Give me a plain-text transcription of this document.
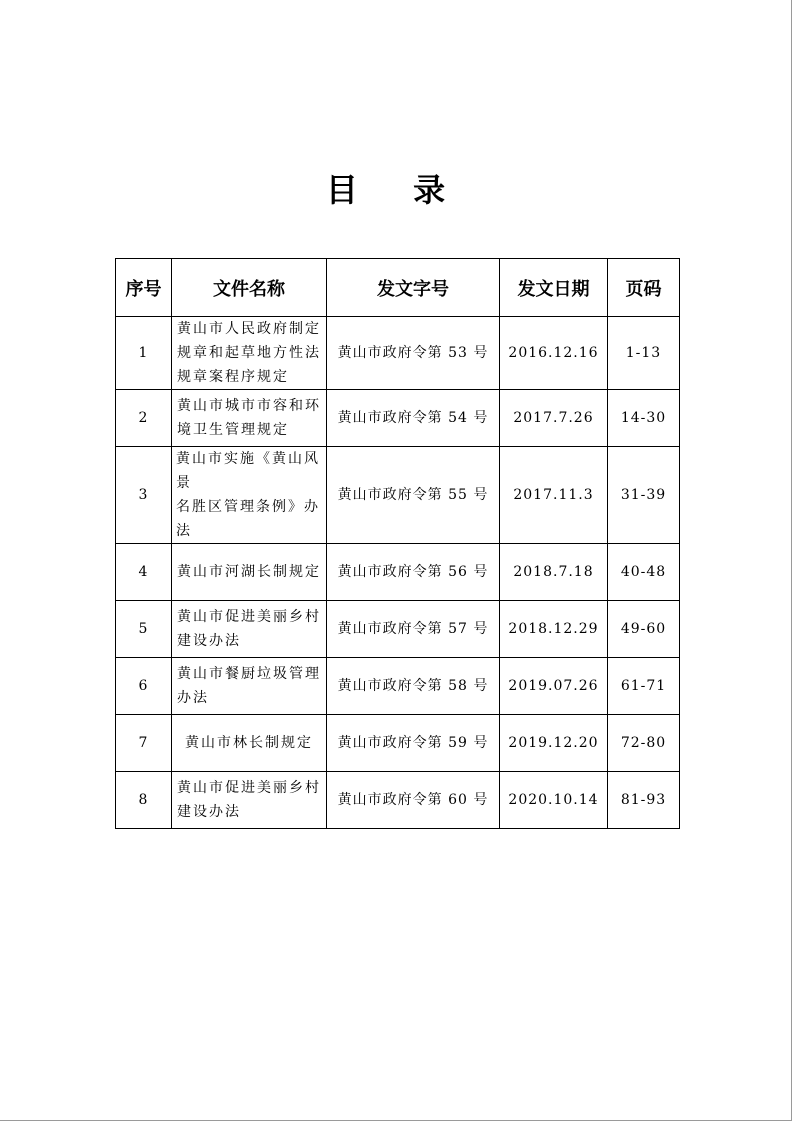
目 录
序号	文件名称	发文字号	发文日期	页码
1	黄山市人民政府制定
规章和起草地方性法
规章案程序规定	黄山市政府令第 53 号	2016.12.16	1-13
2	黄山市城市市容和环
境卫生管理规定	黄山市政府令第 54 号	2017.7.26	14-30
3	黄山市实施《黄山风景
名胜区管理条例》办法	黄山市政府令第 55 号	2017.11.3	31-39
4	黄山市河湖长制规定	黄山市政府令第 56 号	2018.7.18	40-48
5	黄山市促进美丽乡村
建设办法	黄山市政府令第 57 号	2018.12.29	49-60
6	黄山市餐厨垃圾管理
办法	黄山市政府令第 58 号	2019.07.26	61-71
7	黄山市林长制规定	黄山市政府令第 59 号	2019.12.20	72-80
8	黄山市促进美丽乡村
建设办法	黄山市政府令第 60 号	2020.10.14	81-93
